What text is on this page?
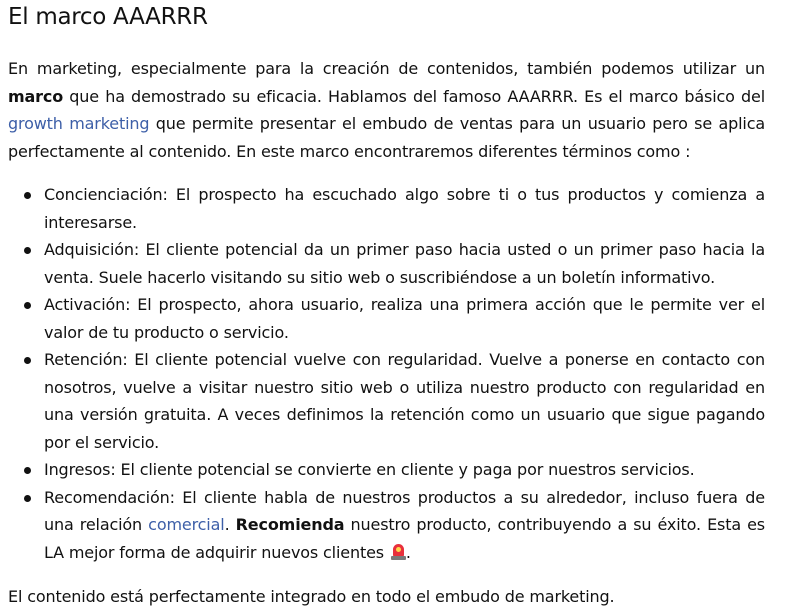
El marco AAARRR

En marketing, especialmente para la creación de contenidos, también podemos utilizar un marco que ha demostrado su eficacia. Hablamos del famoso AAARRR. Es el marco básico del growth marketing que permite presentar el embudo de ventas para un usuario pero se aplica perfectamente al contenido. En este marco encontraremos diferentes términos como :

Concienciación: El prospecto ha escuchado algo sobre ti o tus productos y comienza a interesarse.
Adquisición: El cliente potencial da un primer paso hacia usted o un primer paso hacia la venta. Suele hacerlo visitando su sitio web o suscribiéndose a un boletín informativo.
Activación: El prospecto, ahora usuario, realiza una primera acción que le permite ver el valor de tu producto o servicio.
Retención: El cliente potencial vuelve con regularidad. Vuelve a ponerse en contacto con nosotros, vuelve a visitar nuestro sitio web o utiliza nuestro producto con regularidad en una versión gratuita. A veces definimos la retención como un usuario que sigue pagando por el servicio.
Ingresos: El cliente potencial se convierte en cliente y paga por nuestros servicios.
Recomendación: El cliente habla de nuestros productos a su alrededor, incluso fuera de una relación comercial. Recomienda nuestro producto, contribuyendo a su éxito. Esta es LA mejor forma de adquirir nuevos clientes
.

El contenido está perfectamente integrado en todo el embudo de marketing.
